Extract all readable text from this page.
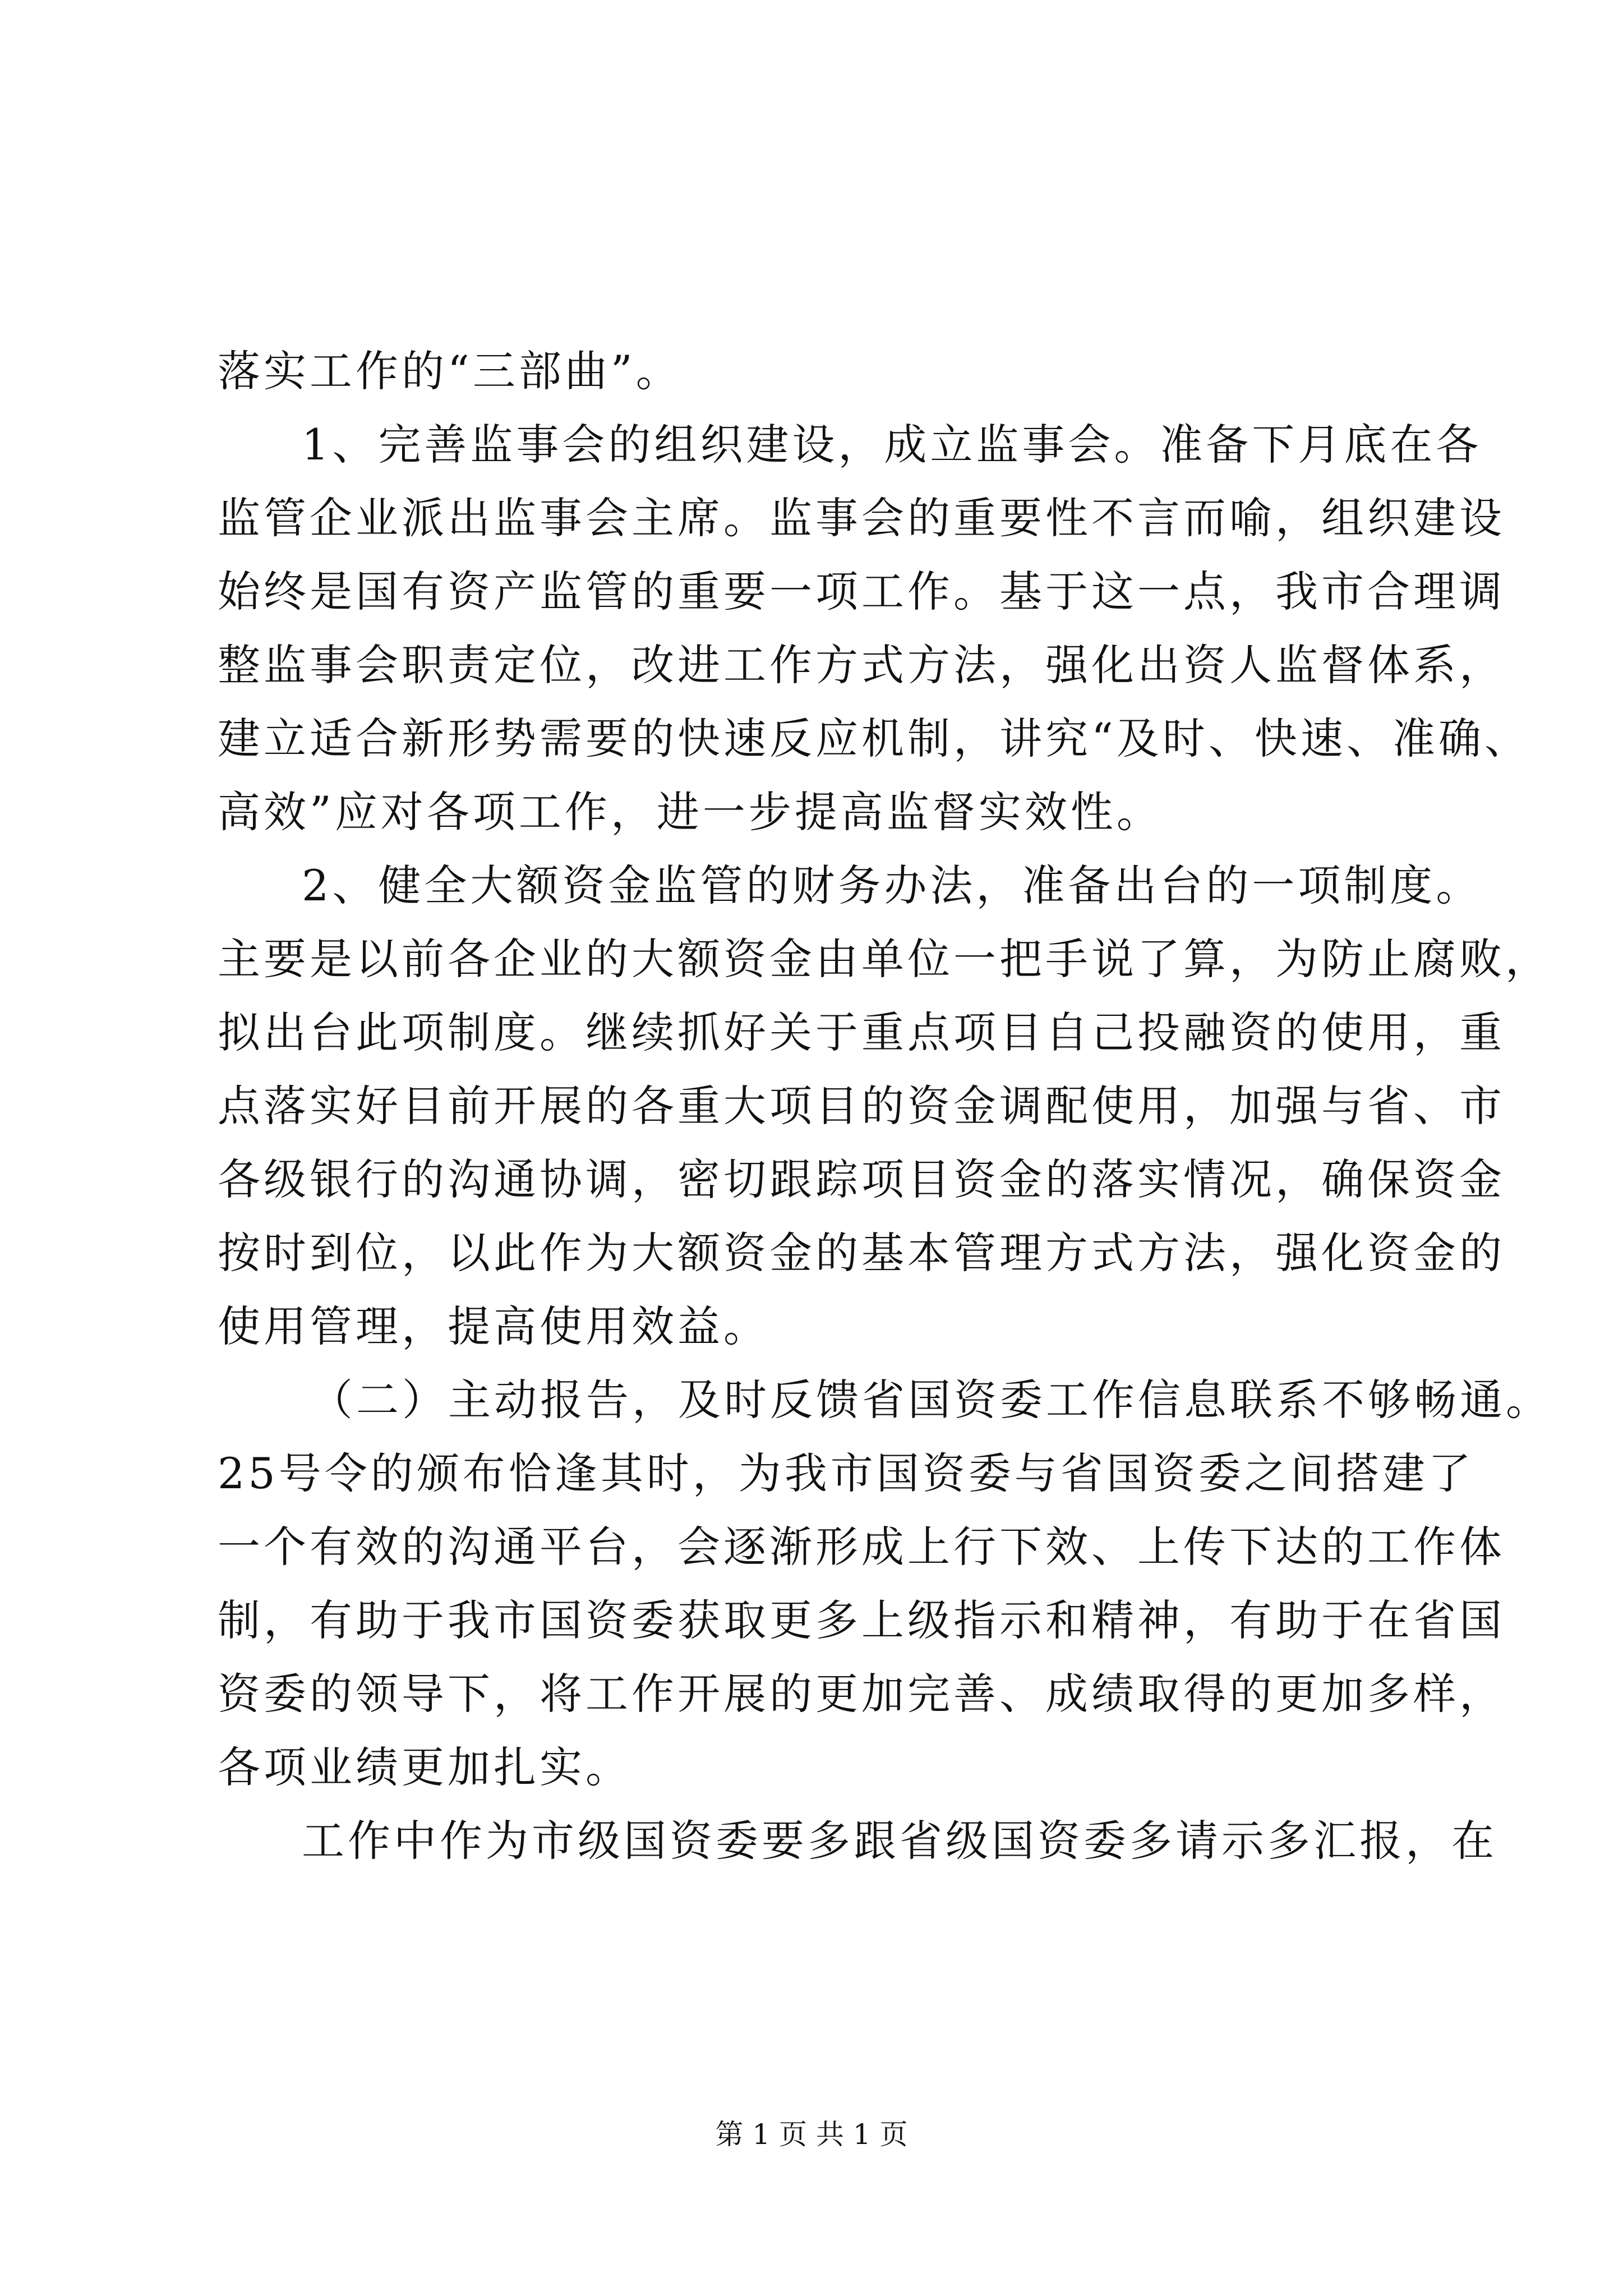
落实工作的“三部曲”。
1、完善监事会的组织建设，成立监事会。准备下月底在各
监管企业派出监事会主席。监事会的重要性不言而喻，组织建设
始终是国有资产监管的重要一项工作。基于这一点，我市合理调
整监事会职责定位，改进工作方式方法，强化出资人监督体系，
建立适合新形势需要的快速反应机制，讲究“及时、快速、准确、
高效”应对各项工作，进一步提高监督实效性。
2、健全大额资金监管的财务办法，准备出台的一项制度。
主要是以前各企业的大额资金由单位一把手说了算，为防止腐败，
拟出台此项制度。继续抓好关于重点项目自己投融资的使用，重
点落实好目前开展的各重大项目的资金调配使用，加强与省、市
各级银行的沟通协调，密切跟踪项目资金的落实情况，确保资金
按时到位，以此作为大额资金的基本管理方式方法，强化资金的
使用管理，提高使用效益。
（二）主动报告，及时反馈省国资委工作信息联系不够畅通。
25号令的颁布恰逢其时，为我市国资委与省国资委之间搭建了
一个有效的沟通平台，会逐渐形成上行下效、上传下达的工作体
制，有助于我市国资委获取更多上级指示和精神，有助于在省国
资委的领导下，将工作开展的更加完善、成绩取得的更加多样，
各项业绩更加扎实。
工作中作为市级国资委要多跟省级国资委多请示多汇报，在
第 1 页 共 1 页
